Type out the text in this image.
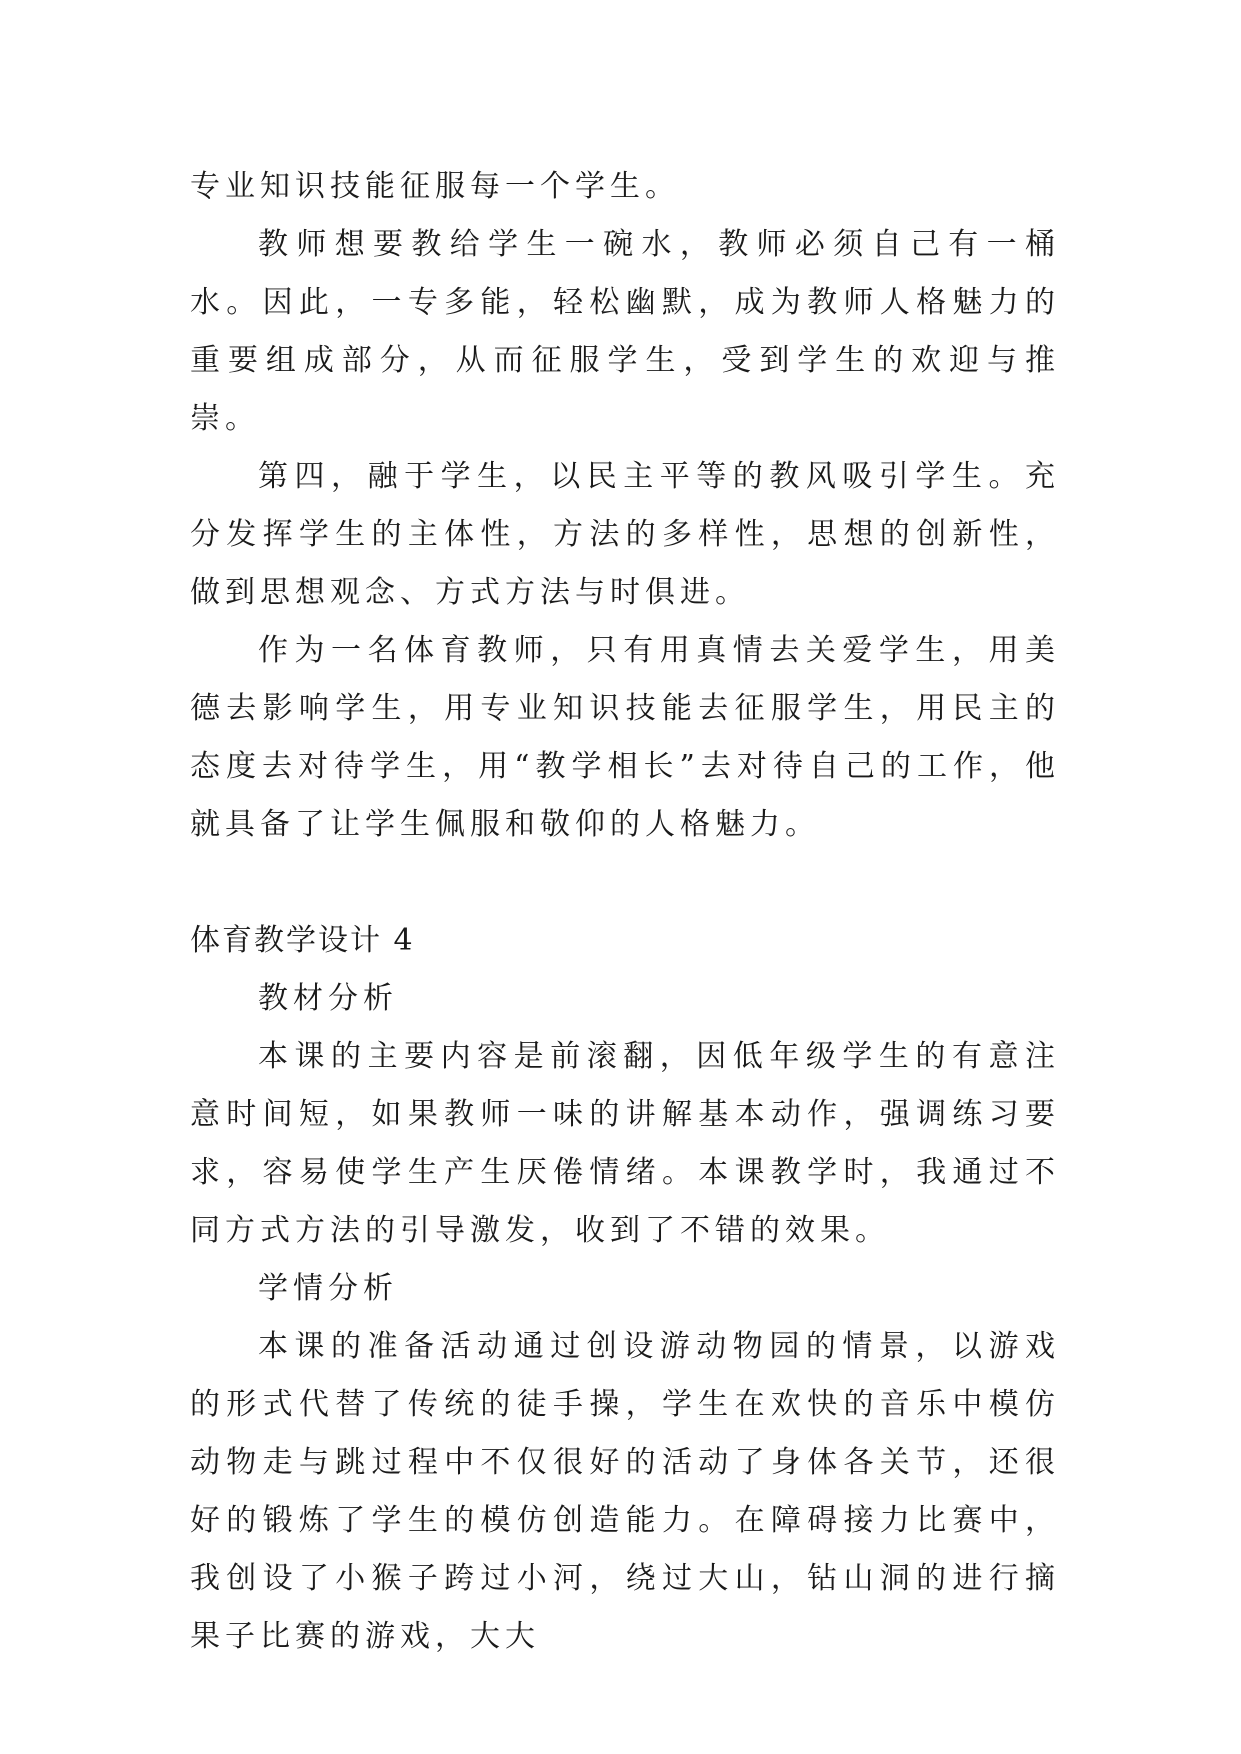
专业知识技能征服每一个学生。

教师想要教给学生一碗水，教师必须自己有一桶水。因此，一专多能，轻松幽默，成为教师人格魅力的重要组成部分，从而征服学生，受到学生的欢迎与推崇。

第四，融于学生，以民主平等的教风吸引学生。充分发挥学生的主体性，方法的多样性，思想的创新性，做到思想观念、方式方法与时俱进。

作为一名体育教师，只有用真情去关爱学生，用美德去影响学生，用专业知识技能去征服学生，用民主的态度去对待学生，用“教学相长”去对待自己的工作，他就具备了让学生佩服和敬仰的人格魅力。

体育教学设计 4

教材分析

本课的主要内容是前滚翻，因低年级学生的有意注意时间短，如果教师一味的讲解基本动作，强调练习要求，容易使学生产生厌倦情绪。本课教学时，我通过不同方式方法的引导激发，收到了不错的效果。

学情分析

本课的准备活动通过创设游动物园的情景，以游戏的形式代替了传统的徒手操，学生在欢快的音乐中模仿动物走与跳过程中不仅很好的活动了身体各关节，还很好的锻炼了学生的模仿创造能力。在障碍接力比赛中，我创设了小猴子跨过小河，绕过大山，钻山洞的进行摘果子比赛的游戏，大大
